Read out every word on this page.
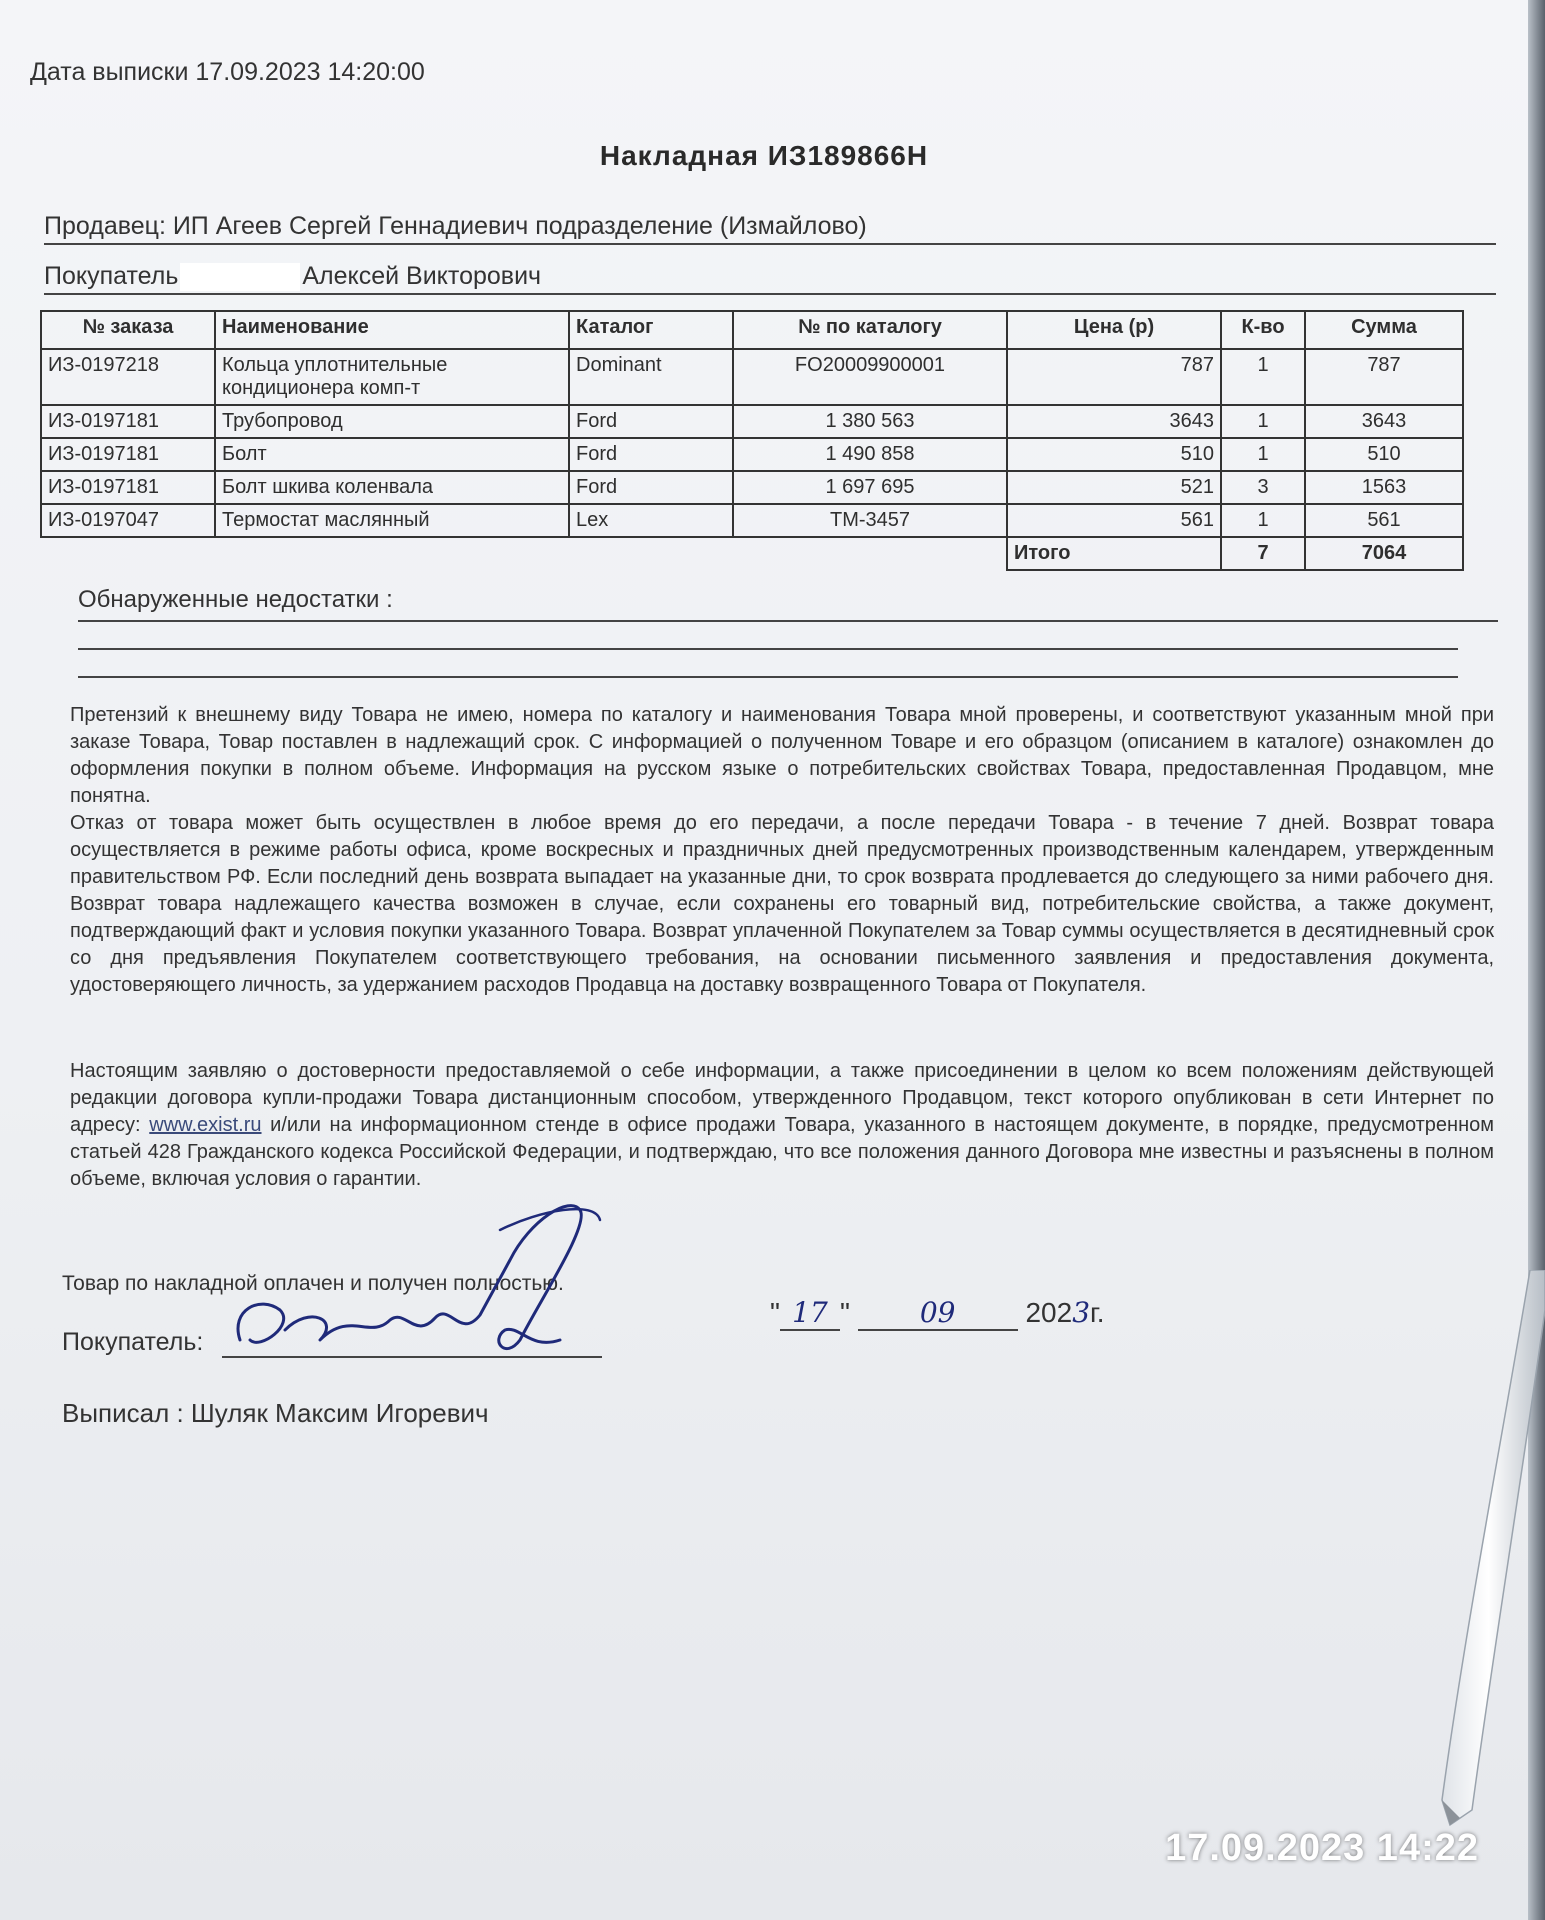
Дата выписки 17.09.2023 14:20:00
Накладная ИЗ189866Н
Продавец: ИП Агеев Сергей Геннадиевич подразделение (Измайлово)
Покупатель	Алексей Викторович
№ заказа	Наименование	Каталог	№ по каталогу	Цена (р)	К-во	Сумма
ИЗ-0197218	Кольца уплотнительные кондиционера комп-т	Dominant	FO20009900001	787	1	787
ИЗ-0197181	Трубопровод	Ford	1 380 563	3643	1	3643
ИЗ-0197181	Болт	Ford	1 490 858	510	1	510
ИЗ-0197181	Болт шкива коленвала	Ford	1 697 695	521	3	1563
ИЗ-0197047	Термостат маслянный	Lex	TM-3457	561	1	561
				Итого	7	7064
Обнаруженные недостатки :
Претензий к внешнему виду Товара не имею, номера по каталогу и наименования Товара мной проверены, и соответствуют указанным мной при заказе Товара, Товар поставлен в надлежащий срок. С информацией о полученном Товаре и его образцом (описанием в каталоге) ознакомлен до оформления покупки в полном объеме. Информация на русском языке о потребительских свойствах Товара, предоставленная Продавцом, мне понятна.
Отказ от товара может быть осуществлен в любое время до его передачи, а после передачи Товара - в течение 7 дней. Возврат товара осуществляется в режиме работы офиса, кроме воскресных и праздничных дней предусмотренных производственным календарем, утвержденным правительством РФ. Если последний день возврата выпадает на указанные дни, то срок возврата продлевается до следующего за ними рабочего дня. Возврат товара надлежащего качества возможен в случае, если сохранены его товарный вид, потребительские свойства, а также документ, подтверждающий факт и условия покупки указанного Товара. Возврат уплаченной Покупателем за Товар суммы осуществляется в десятидневный срок со дня предъявления Покупателем соответствующего требования, на основании письменного заявления и предоставления документа, удостоверяющего личность, за удержанием расходов Продавца на доставку возвращенного Товара от Покупателя.
Настоящим заявляю о достоверности предоставляемой о себе информации, а также присоединении в целом ко всем положениям действующей редакции договора купли-продажи Товара дистанционным способом, утвержденного Продавцом, текст которого опубликован в сети Интернет по адресу: www.exist.ru и/или на информационном стенде в офисе продажи Товара, указанного в настоящем документе, в порядке, предусмотренном статьей 428 Гражданского кодекса Российской Федерации, и подтверждаю, что все положения данного Договора мне известны и разъяснены в полном объеме, включая условия о гарантии.
Товар по накладной оплачен и получен полностью.
Покупатель:
" 17 " 09 2023г.
Выписал : Шуляк Максим Игоревич
17.09.2023 14:22
